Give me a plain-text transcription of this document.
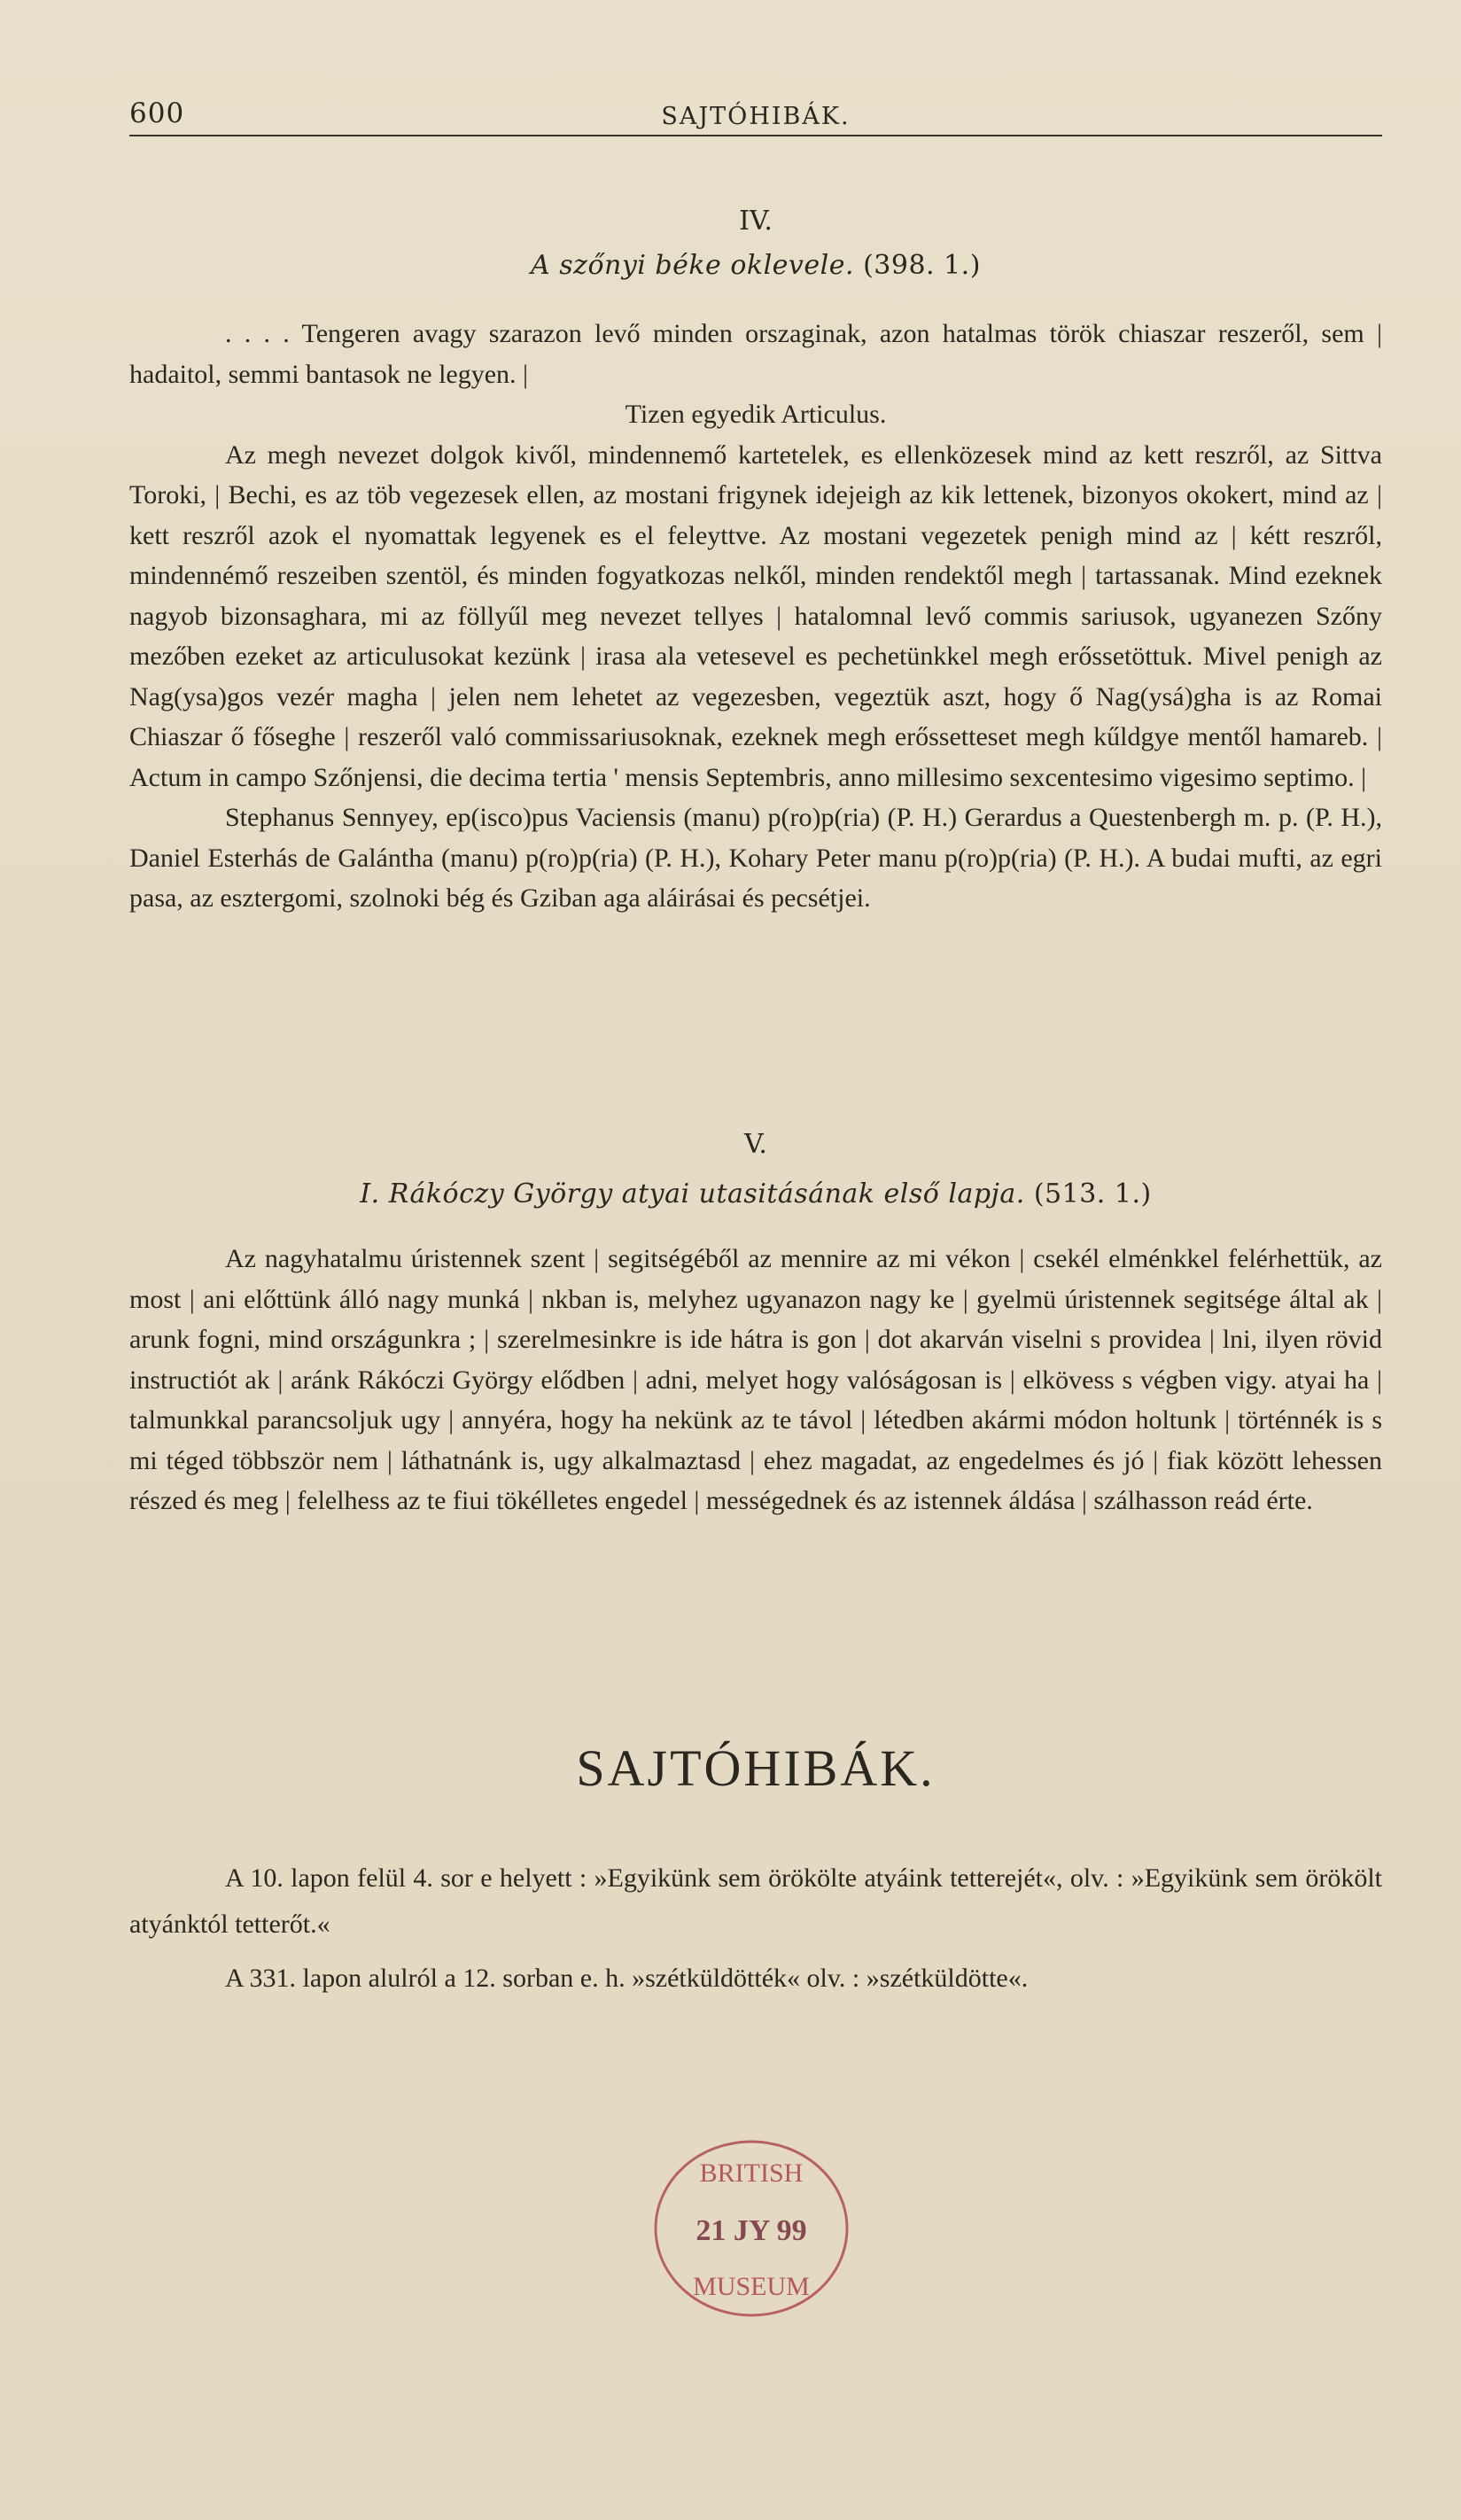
600	SAJTÓHIBÁK.
IV.
A szőnyi béke oklevele. (398. 1.)

. . . . Tengeren avagy szarazon levő minden orszaginak, azon hatalmas török chiaszar reszeről, sem | hadaitol, semmi bantasok ne legyen. |

Tizen egyedik Articulus.

Az megh nevezet dolgok kivől, mindennemő kartetelek, es ellenközesek mind az kett reszről, az Sittva Toroki, | Bechi, es az töb vegezesek ellen, az mostani frigynek idejeigh az kik lettenek, bizonyos okokert, mind az | kett reszről azok el nyomattak legyenek es el feleyttve. Az mostani vegezetek penigh mind az | kétt reszről, mindennémő reszeiben szentöl, és minden fogyatkozas nelkől, minden rendektől megh | tartassanak. Mind ezeknek nagyob bizonsaghara, mi az föllyűl meg nevezet tellyes | hatalomnal levő commis sariusok, ugyanezen Szőny mezőben ezeket az articulusokat kezünk | irasa ala vetesevel es pechetünkkel megh erőssetöttuk. Mivel penigh az Nag(ysa)gos vezér magha | jelen nem lehetet az vegezesben, vegeztük aszt, hogy ő Nag(ysá)gha is az Romai Chiaszar ő főseghe | reszeről való commissariusoknak, ezeknek megh erőssetteset megh kűldgye mentől hamareb. | Actum in campo Szőnjensi, die decima tertia ' mensis Septembris, anno millesimo sexcentesimo vigesimo septimo. |

Stephanus Sennyey, ep(isco)pus Vaciensis (manu) p(ro)p(ria) (P. H.) Gerardus a Questenbergh m. p. (P. H.), Daniel Esterhás de Galántha (manu) p(ro)p(ria) (P. H.), Kohary Peter manu p(ro)p(ria) (P. H.). A budai mufti, az egri pasa, az esztergomi, szolnoki bég és Gziban aga aláirásai és pecsétjei.

V.
I. Rákóczy György atyai utasitásának első lapja. (513. 1.)

Az nagyhatalmu úristennek szent | segitségéből az mennire az mi vékon | csekél elménkkel felérhettük, az most | ani előttünk álló nagy munká | nkban is, melyhez ugyanazon nagy ke | gyelmü úristennek segitsége által ak | arunk fogni, mind országunkra ; | szerelmesinkre is ide hátra is gon | dot akarván viselni s providea | lni, ilyen rövid instructiót ak | aránk Rákóczi György elődben | adni, melyet hogy valóságosan is | elkövess s végben vigy. atyai ha | talmunkkal parancsoljuk ugy | annyéra, hogy ha nekünk az te távol | létedben akármi módon holtunk | történnék is s mi téged többször nem | láthatnánk is, ugy alkalmaztasd | ehez magadat, az engedelmes és jó | fiak között lehessen részed és meg | felelhess az te fiui tökélletes engedel | mességednek és az istennek áldása | szálhasson reád érte.

SAJTÓHIBÁK.

A 10. lapon felül 4. sor e helyett : »Egyikünk sem örökölte atyáink tetterejét«, olv. : »Egyikünk sem örökölt atyánktól tetterőt.«

A 331. lapon alulról a 12. sorban e. h. »szétküldötték« olv. : »szétküldötte«.

BRITISH
21 JY 99
MUSEUM
